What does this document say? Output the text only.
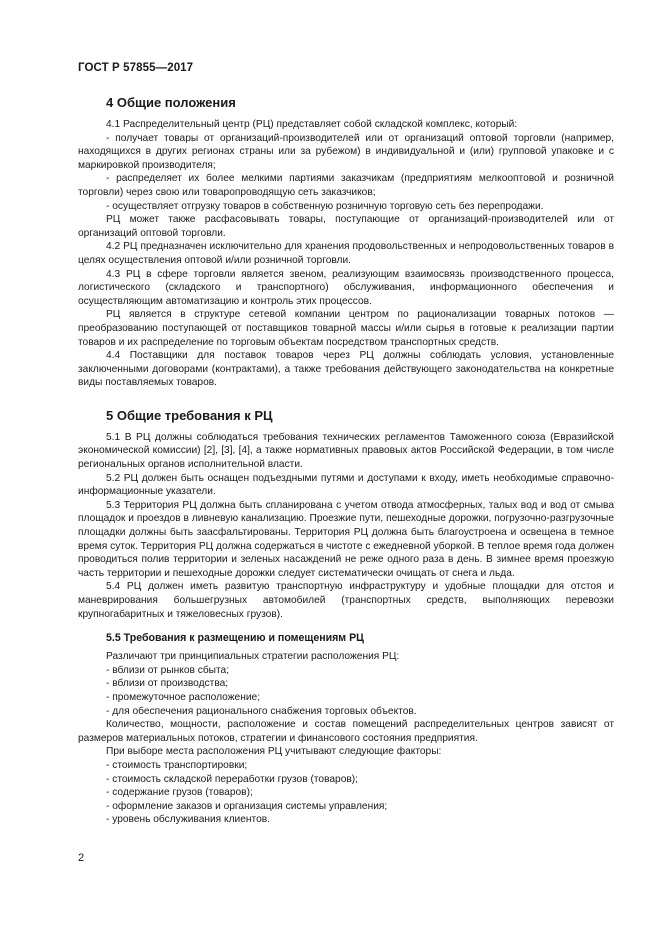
ГОСТ Р 57855—2017
4 Общие положения

4.1 Распределительный центр (РЦ) представляет собой складской комплекс, который:

- получает товары от организаций-производителей или от организаций оптовой торговли (например, находящихся в других регионах страны или за рубежом) в индивидуальной и (или) групповой упаковке и с маркировкой производителя;

- распределяет их более мелкими партиями заказчикам (предприятиям мелкооптовой и розничной торговли) через свою или товаропроводящую сеть заказчиков;

- осуществляет отгрузку товаров в собственную розничную торговую сеть без перепродажи.

РЦ может также расфасовывать товары, поступающие от организаций-производителей или от организаций оптовой торговли.

4.2 РЦ предназначен исключительно для хранения продовольственных и непродовольственных товаров в целях осуществления оптовой и/или розничной торговли.

4.3 РЦ в сфере торговли является звеном, реализующим взаимосвязь производственного процесса, логистического (складского и транспортного) обслуживания, информационного обеспечения и осуществляющим автоматизацию и контроль этих процессов.

РЦ является в структуре сетевой компании центром по рационализации товарных потоков — преобразованию поступающей от поставщиков товарной массы и/или сырья в готовые к реализации партии товаров и их распределение по торговым объектам посредством транспортных средств.

4.4 Поставщики для поставок товаров через РЦ должны соблюдать условия, установленные заключенными договорами (контрактами), а также требования действующего законодательства на конкретные виды поставляемых товаров.

5 Общие требования к РЦ

5.1 В РЦ должны соблюдаться требования технических регламентов Таможенного союза (Евразийской экономической комиссии) [2], [3], [4], а также нормативных правовых актов Российской Федерации, в том числе региональных органов исполнительной власти.

5.2 РЦ должен быть оснащен подъездными путями и доступами к входу, иметь необходимые справочно-информационные указатели.

5.3 Территория РЦ должна быть спланирована с учетом отвода атмосферных, талых вод и вод от смыва площадок и проездов в ливневую канализацию. Проезжие пути, пешеходные дорожки, погрузочно-разгрузочные площадки должны быть заасфальтированы. Территория РЦ должна быть благоустроена и освещена в темное время суток. Территория РЦ должна содержаться в чистоте с ежедневной уборкой. В теплое время года должен проводиться полив территории и зеленых насаждений не реже одного раза в день. В зимнее время проезжую часть территории и пешеходные дорожки следует систематически очищать от снега и льда.

5.4 РЦ должен иметь развитую транспортную инфраструктуру и удобные площадки для отстоя и маневрирования большегрузных автомобилей (транспортных средств, выполняющих перевозки крупногабаритных и тяжеловесных грузов).

5.5 Требования к размещению и помещениям РЦ

Различают три принципиальных стратегии расположения РЦ:

- вблизи от рынков сбыта;

- вблизи от производства;

- промежуточное расположение;

- для обеспечения рационального снабжения торговых объектов.

Количество, мощности, расположение и состав помещений распределительных центров зависят от размеров материальных потоков, стратегии и финансового состояния предприятия.

При выборе места расположения РЦ учитывают следующие факторы:

- стоимость транспортировки;

- стоимость складской переработки грузов (товаров);

- содержание грузов (товаров);

- оформление заказов и организация системы управления;

- уровень обслуживания клиентов.

2
